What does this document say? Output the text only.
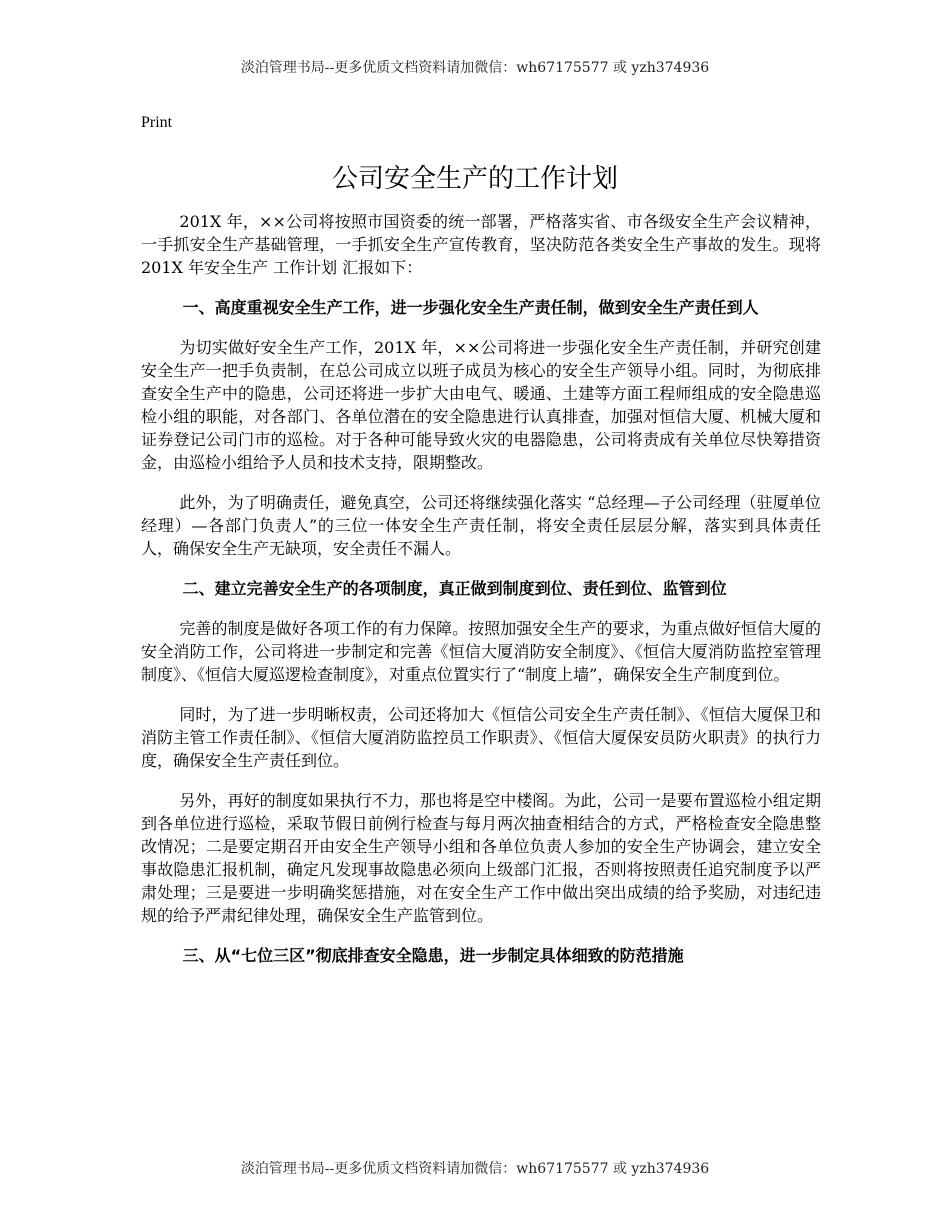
淡泊管理书局--更多优质文档资料请加微信：wh67175577 或 yzh374936
Print
公司安全生产的工作计划

201X 年，××公司将按照市国资委的统一部署，严格落实省、市各级安全生产会议精神，一手抓安全生产基础管理，一手抓安全生产宣传教育，坚决防范各类安全生产事故的发生。现将 201X 年安全生产 工作计划 汇报如下：

一、高度重视安全生产工作，进一步强化安全生产责任制，做到安全生产责任到人

为切实做好安全生产工作，201X 年，××公司将进一步强化安全生产责任制，并研究创建安全生产一把手负责制，在总公司成立以班子成员为核心的安全生产领导小组。同时，为彻底排查安全生产中的隐患，公司还将进一步扩大由电气、暖通、土建等方面工程师组成的安全隐患巡检小组的职能，对各部门、各单位潜在的安全隐患进行认真排查，加强对恒信大厦、机械大厦和证券登记公司门市的巡检。对于各种可能导致火灾的电器隐患，公司将责成有关单位尽快筹措资金，由巡检小组给予人员和技术支持，限期整改。

此外，为了明确责任，避免真空，公司还将继续强化落实 “总经理—子公司经理（驻厦单位经理）—各部门负责人”的三位一体安全生产责任制，将安全责任层层分解，落实到具体责任人，确保安全生产无缺项，安全责任不漏人。

二、建立完善安全生产的各项制度，真正做到制度到位、责任到位、监管到位

完善的制度是做好各项工作的有力保障。按照加强安全生产的要求，为重点做好恒信大厦的安全消防工作，公司将进一步制定和完善《恒信大厦消防安全制度》、《恒信大厦消防监控室管理制度》、《恒信大厦巡逻检查制度》，对重点位置实行了“制度上墙”，确保安全生产制度到位。

同时，为了进一步明晰权责，公司还将加大《恒信公司安全生产责任制》、《恒信大厦保卫和消防主管工作责任制》、《恒信大厦消防监控员工作职责》、《恒信大厦保安员防火职责》的执行力度，确保安全生产责任到位。

另外，再好的制度如果执行不力，那也将是空中楼阁。为此，公司一是要布置巡检小组定期到各单位进行巡检，采取节假日前例行检查与每月两次抽查相结合的方式，严格检查安全隐患整改情况；二是要定期召开由安全生产领导小组和各单位负责人参加的安全生产协调会，建立安全事故隐患汇报机制，确定凡发现事故隐患必须向上级部门汇报，否则将按照责任追究制度予以严肃处理；三是要进一步明确奖惩措施，对在安全生产工作中做出突出成绩的给予奖励，对违纪违规的给予严肃纪律处理，确保安全生产监管到位。

三、从“七位三区”彻底排查安全隐患，进一步制定具体细致的防范措施

淡泊管理书局--更多优质文档资料请加微信：wh67175577 或 yzh374936
